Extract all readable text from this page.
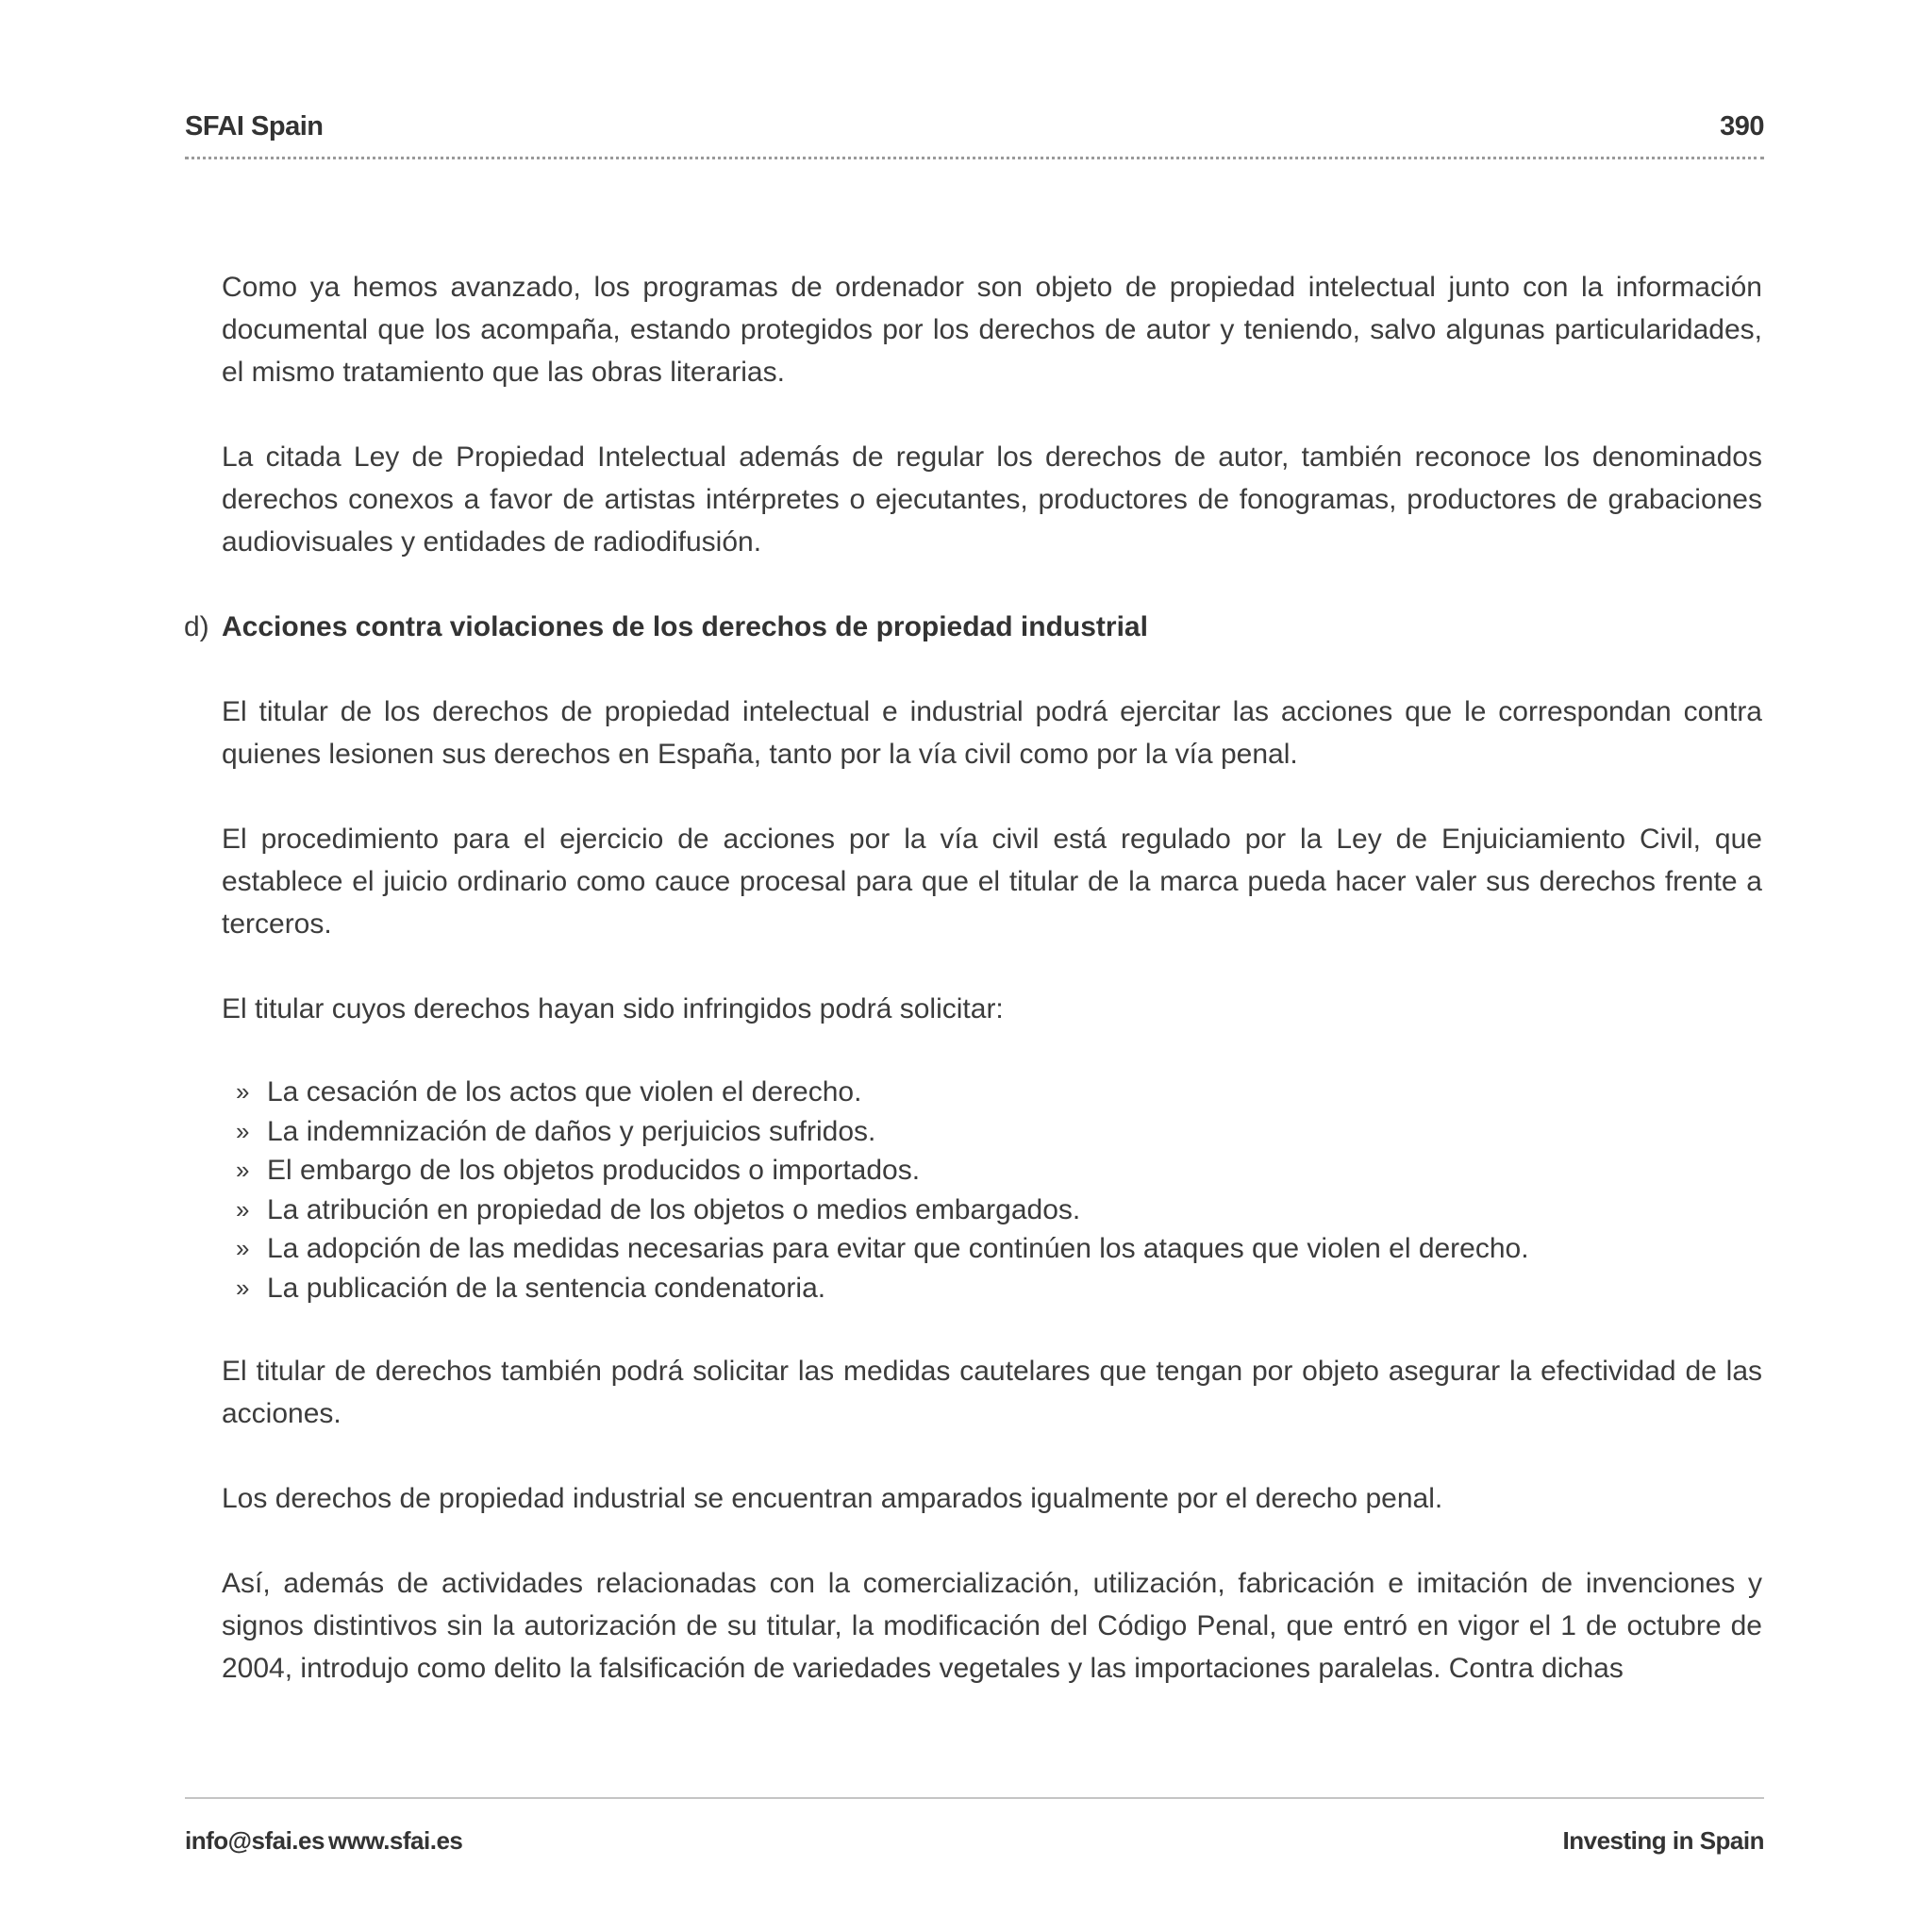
SFAI Spain	390

Como ya hemos avanzado, los programas de ordenador son objeto de propiedad intelectual junto con la información documental que los acompaña, estando protegidos por los derechos de autor y teniendo, salvo algunas particularidades, el mismo tratamiento que las obras literarias.

La citada Ley de Propiedad Intelectual además de regular los derechos de autor, también reconoce los denominados derechos conexos a favor de artistas intérpretes o ejecutantes, productores de fonogramas, productores de grabaciones audiovisuales y entidades de radiodifusión.

d) Acciones contra violaciones de los derechos de propiedad industrial

El titular de los derechos de propiedad intelectual e industrial podrá ejercitar las acciones que le correspondan contra quienes lesionen sus derechos en España, tanto por la vía civil como por la vía penal.

El procedimiento para el ejercicio de acciones por la vía civil está regulado por la Ley de Enjuiciamiento Civil, que establece el juicio ordinario como cauce procesal para que el titular de la marca pueda hacer valer sus derechos frente a terceros.

El titular cuyos derechos hayan sido infringidos podrá solicitar:

» La cesación de los actos que violen el derecho.
» La indemnización de daños y perjuicios sufridos.
» El embargo de los objetos producidos o importados.
» La atribución en propiedad de los objetos o medios embargados.
» La adopción de las medidas necesarias para evitar que continúen los ataques que violen el derecho.
» La publicación de la sentencia condenatoria.

El titular de derechos también podrá solicitar las medidas cautelares que tengan por objeto asegurar la efectividad de las acciones.

Los derechos de propiedad industrial se encuentran amparados igualmente por el derecho penal.

Así, además de actividades relacionadas con la comercialización, utilización, fabricación e imitación de invenciones y signos distintivos sin la autorización de su titular, la modificación del Código Penal, que entró en vigor el 1 de octubre de 2004, introdujo como delito la falsificación de variedades vegetales y las importaciones paralelas. Contra dichas

info@sfai.es www.sfai.es	Investing in Spain
